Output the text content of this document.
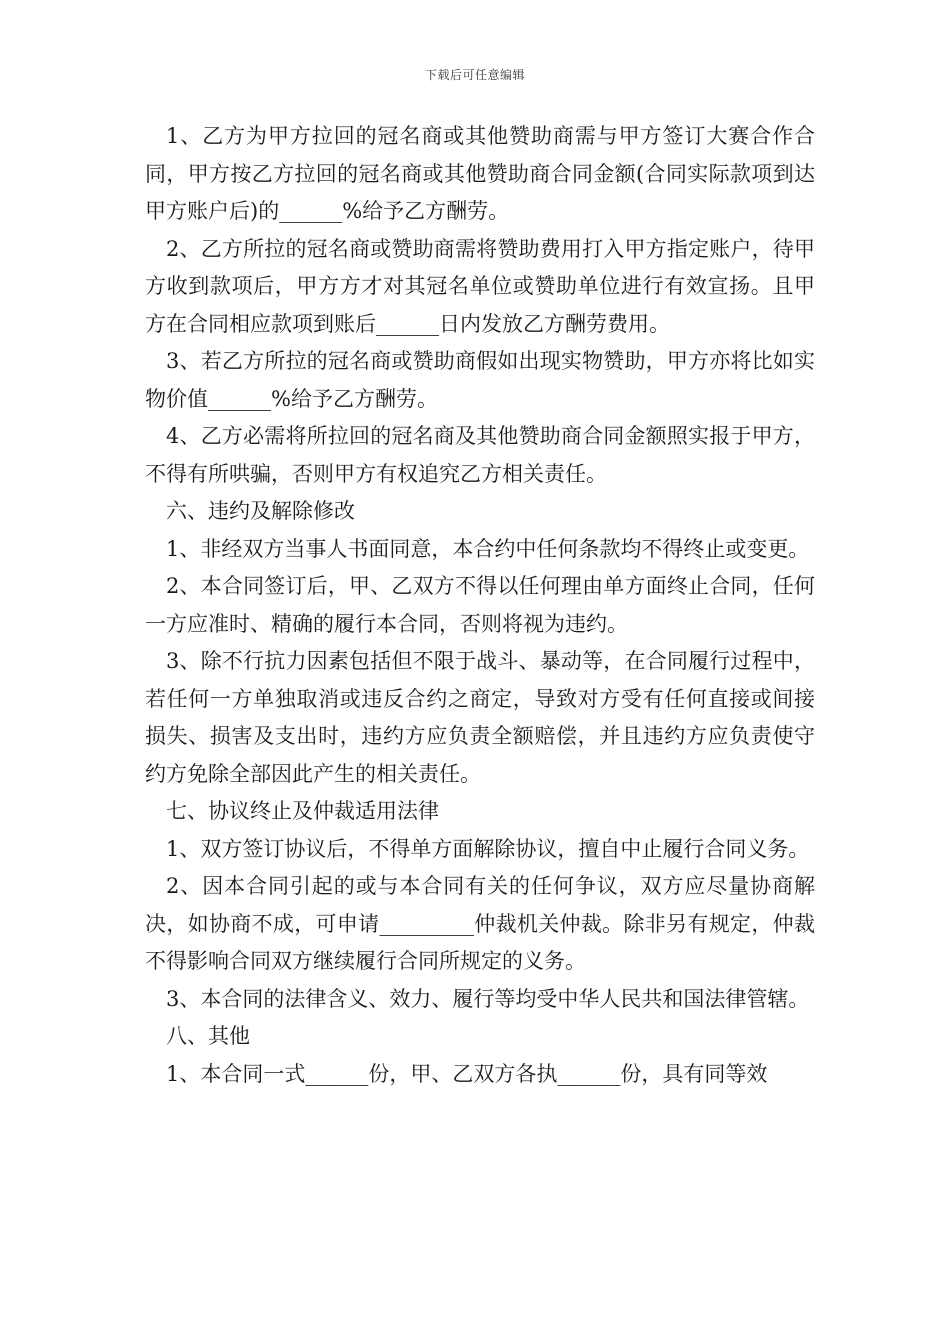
下载后可任意编辑

1、乙方为甲方拉回的冠名商或其他赞助商需与甲方签订大赛合作合同，甲方按乙方拉回的冠名商或其他赞助商合同金额(合同实际款项到达甲方账户后)的______%给予乙方酬劳。

2、乙方所拉的冠名商或赞助商需将赞助费用打入甲方指定账户，待甲方收到款项后，甲方方才对其冠名单位或赞助单位进行有效宣扬。且甲方在合同相应款项到账后______日内发放乙方酬劳费用。

3、若乙方所拉的冠名商或赞助商假如出现实物赞助，甲方亦将比如实物价值______%给予乙方酬劳。

4、乙方必需将所拉回的冠名商及其他赞助商合同金额照实报于甲方，不得有所哄骗，否则甲方有权追究乙方相关责任。

六、违约及解除修改

1、非经双方当事人书面同意，本合约中任何条款均不得终止或变更。

2、本合同签订后，甲、乙双方不得以任何理由单方面终止合同，任何一方应准时、精确的履行本合同，否则将视为违约。

3、除不行抗力因素包括但不限于战斗、暴动等，在合同履行过程中，若任何一方单独取消或违反合约之商定，导致对方受有任何直接或间接损失、损害及支出时，违约方应负责全额赔偿，并且违约方应负责使守约方免除全部因此产生的相关责任。

七、协议终止及仲裁适用法律

1、双方签订协议后，不得单方面解除协议，擅自中止履行合同义务。

2、因本合同引起的或与本合同有关的任何争议，双方应尽量协商解决，如协商不成，可申请_________仲裁机关仲裁。除非另有规定，仲裁不得影响合同双方继续履行合同所规定的义务。

3、本合同的法律含义、效力、履行等均受中华人民共和国法律管辖。

八、其他

1、本合同一式______份，甲、乙双方各执______份，具有同等效
